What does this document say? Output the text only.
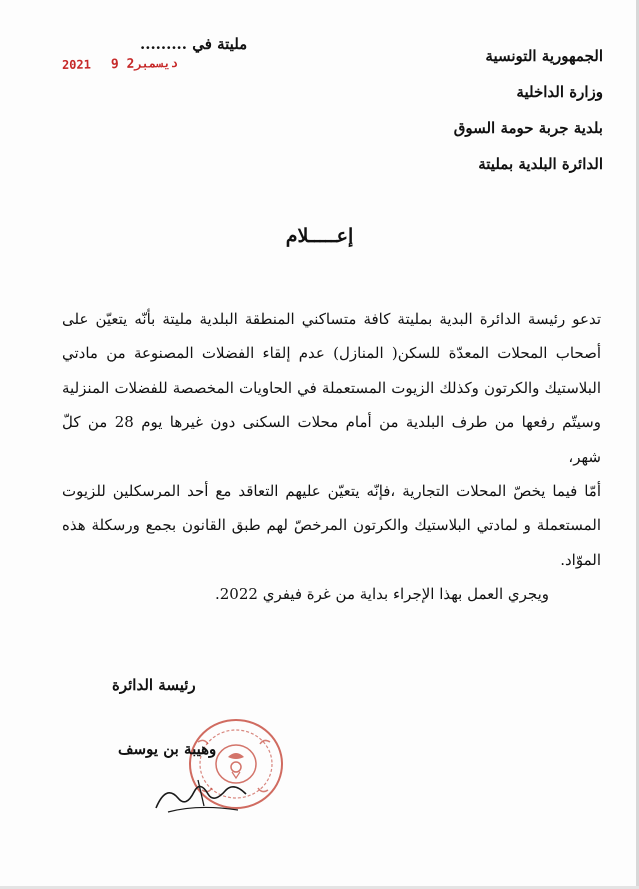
الجمهورية التونسية
وزارة الداخلية
بلدية جربة حومة السوق
الدائرة البلدية بمليتة
مليتة في .........
2021	ديسمبر2 9
إعـــــلام

تدعو رئيسة الدائرة البدية بمليتة كافة متساكني المنطقة البلدية مليتة بأنّه يتعيّن على أصحاب المحلات المعدّة للسكن( المنازل) عدم إلقاء الفضلات المصنوعة من مادتي البلاستيك والكرتون وكذلك الزيوت المستعملة في الحاويات المخصصة للفضلات المنزلية وسيتّم رفعها من طرف البلدية من أمام محلات السكنى دون غيرها يوم 28 من كلّ شهر،

أمّا فيما يخصّ المحلات التجارية ،فإنّه يتعيّن عليهم التعاقد مع أحد المرسكلين للزيوت المستعملة و لمادتي البلاستيك والكرتون المرخصّ لهم طبق القانون بجمع ورسكلة هذه الموّاد.

ويجري العمل بهذا الإجراء بداية من غرة فيفري 2022.

رئيسة الدائرة
وهيبة بن يوسف
